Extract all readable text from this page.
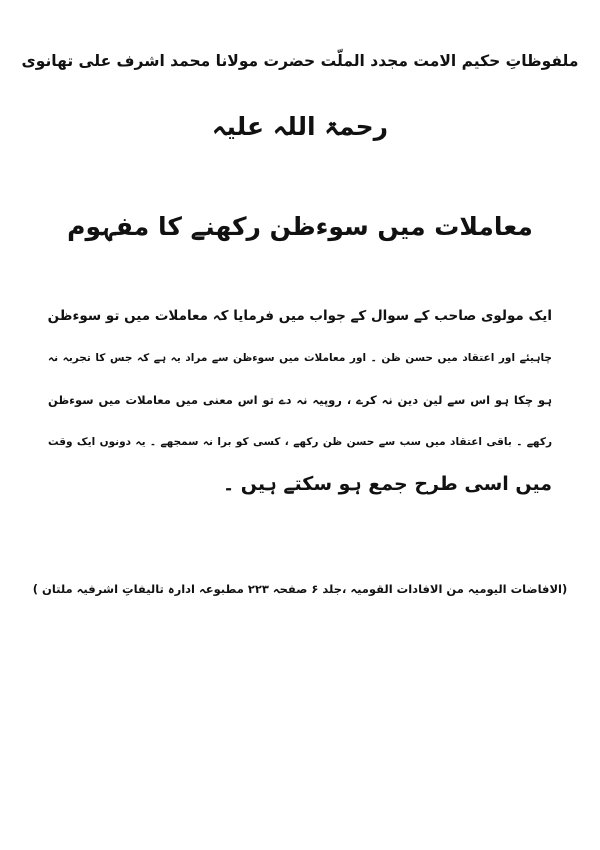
ملفوظاتِ حکیم الامت مجدد الملّت حضرت مولانا محمد اشرف علی تھانوی
رحمۃ اللہ علیہ
معاملات میں سوءظن رکھنے کا مفہوم
ایک مولوی صاحب کے سوال کے جواب میں فرمایا کہ معاملات میں تو سوءظن
چاہیئے اور اعتقاد میں حسن ظن ۔ اور معاملات میں سوءظن سے مراد یہ ہے کہ جس کا تجربہ نہ
ہو چکا ہو اس سے لین دین نہ کرے ، روپیہ نہ دے تو اس معنی میں معاملات میں سوءظن
رکھے ۔ باقی اعتقاد میں سب سے حسن ظن رکھے ، کسی کو برا نہ سمجھے ۔ یہ دونوں ایک وقت
میں اسی طرح جمع ہو سکتے ہیں ۔
(الافاضات الیومیہ من الافادات القومیہ ،جلد ۶ صفحہ ۲۲۳ مطبوعہ ادارہ تالیفاتِ اشرفیہ ملتان )
